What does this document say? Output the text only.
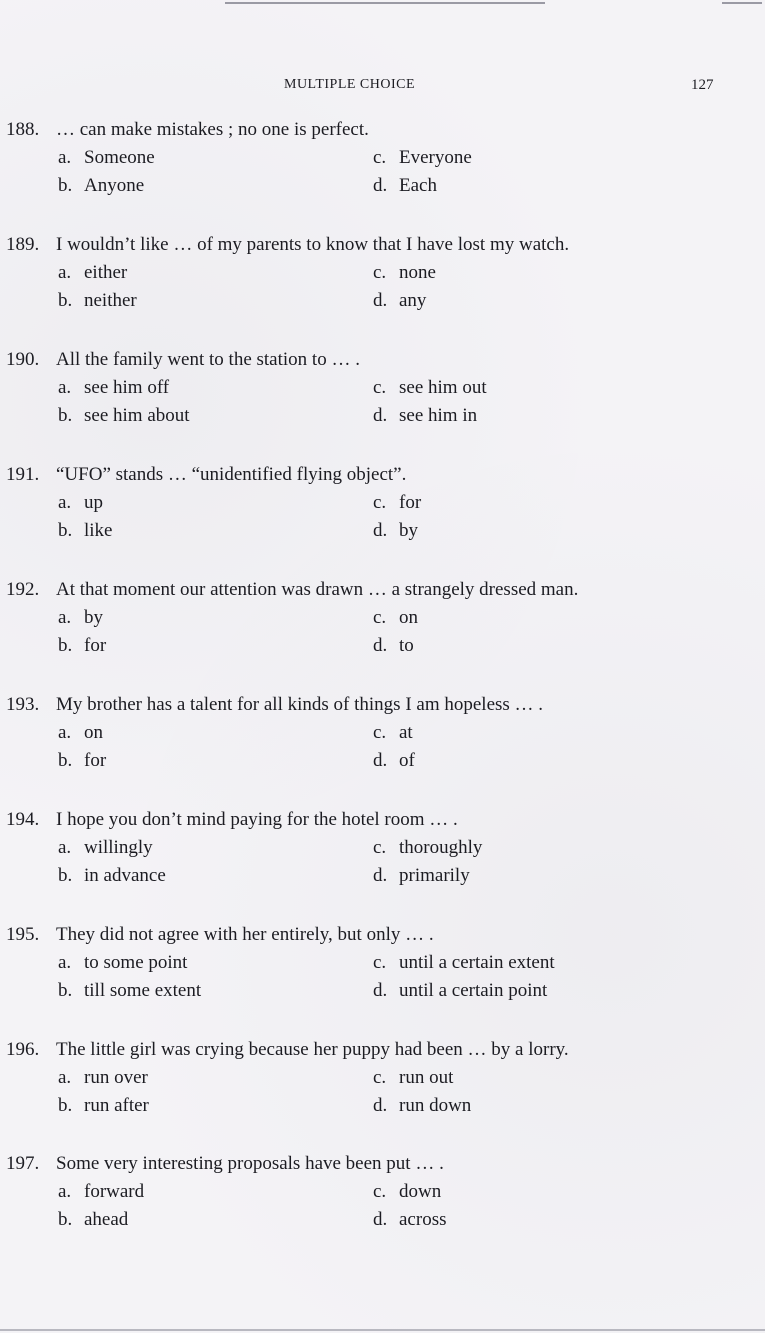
MULTIPLE CHOICE	127
188. … can make mistakes ; no one is perfect.
a. Someone
b. Anyone
c. Everyone
d. Each
189. I wouldn’t like … of my parents to know that I have lost my watch.
a. either
b. neither
c. none
d. any
190. All the family went to the station to … .
a. see him off
b. see him about
c. see him out
d. see him in
191. “UFO” stands … “unidentified flying object”.
a. up
b. like
c. for
d. by
192. At that moment our attention was drawn … a strangely dressed man.
a. by
b. for
c. on
d. to
193. My brother has a talent for all kinds of things I am hopeless … .
a. on
b. for
c. at
d. of
194. I hope you don’t mind paying for the hotel room … .
a. willingly
b. in advance
c. thoroughly
d. primarily
195. They did not agree with her entirely, but only … .
a. to some point
b. till some extent
c. until a certain extent
d. until a certain point
196. The little girl was crying because her puppy had been … by a lorry.
a. run over
b. run after
c. run out
d. run down
197. Some very interesting proposals have been put … .
a. forward
b. ahead
c. down
d. across
